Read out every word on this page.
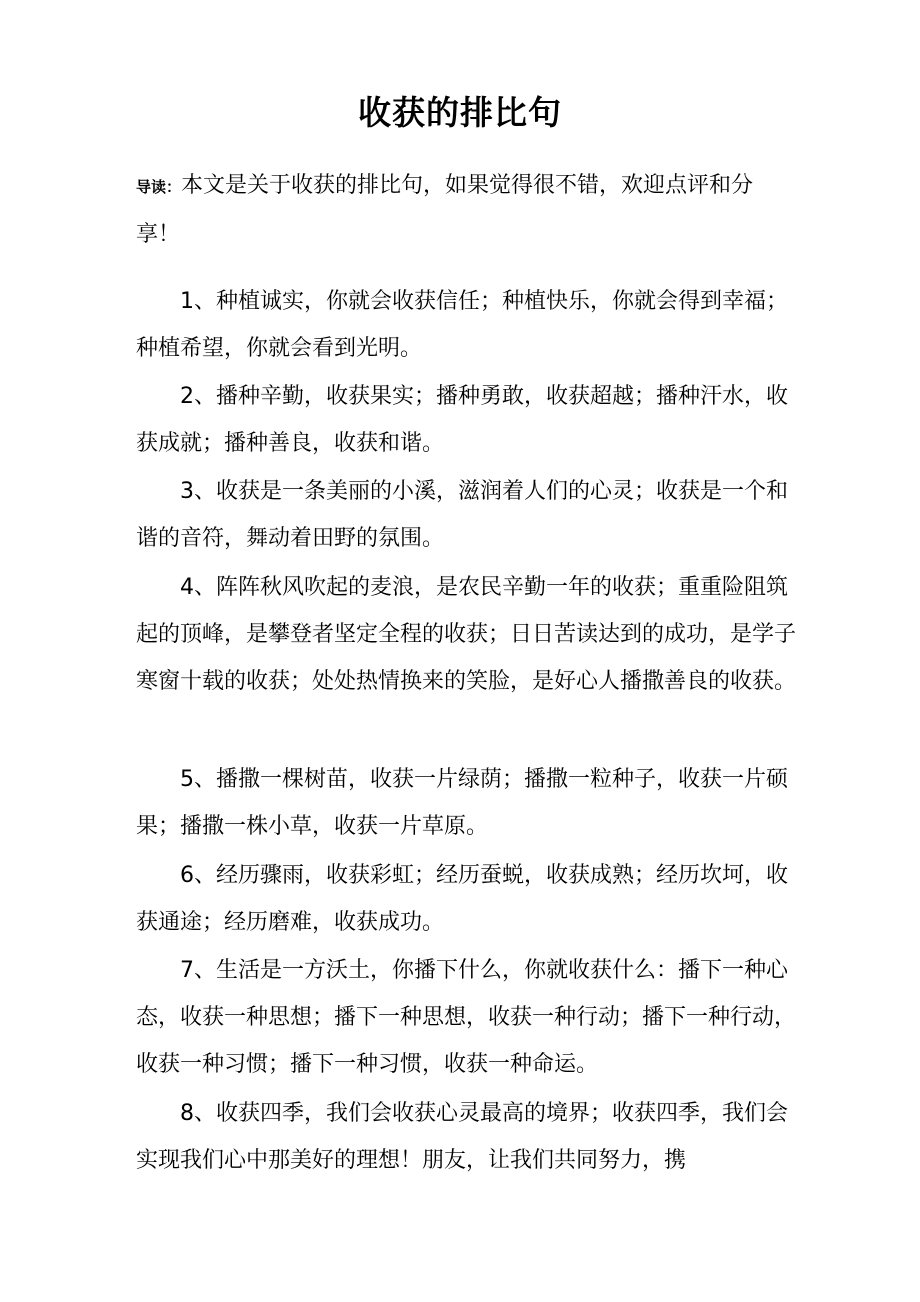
收获的排比句
导读：本文是关于收获的排比句，如果觉得很不错，欢迎点评和分享！

1、种植诚实，你就会收获信任；种植快乐，你就会得到幸福； 种植希望，你就会看到光明。

2、播种辛勤，收获果实；播种勇敢，收获超越；播种汗水，收 获成就；播种善良，收获和谐。

3、收获是一条美丽的小溪，滋润着人们的心灵；收获是一个和 谐的音符，舞动着田野的氛围。

4、阵阵秋风吹起的麦浪，是农民辛勤一年的收获；重重险阻筑 起的顶峰，是攀登者坚定全程的收获；日日苦读达到的成功，是学子 寒窗十载的收获；处处热情换来的笑脸，是好心人播撒善良的收获。

5、播撒一棵树苗，收获一片绿荫；播撒一粒种子，收获一片硕 果；播撒一株小草，收获一片草原。

6、经历骤雨，收获彩虹；经历蚕蜕，收获成熟；经历坎坷，收 获通途；经历磨难，收获成功。

7、生活是一方沃土，你播下什么，你就收获什么：播下一种心 态，收获一种思想；播下一种思想，收获一种行动；播下一种行动， 收获一种习惯；播下一种习惯，收获一种命运。

8、收获四季，我们会收获心灵最高的境界；收获四季，我们会 实现我们心中那美好的理想！朋友，让我们共同努力，携
